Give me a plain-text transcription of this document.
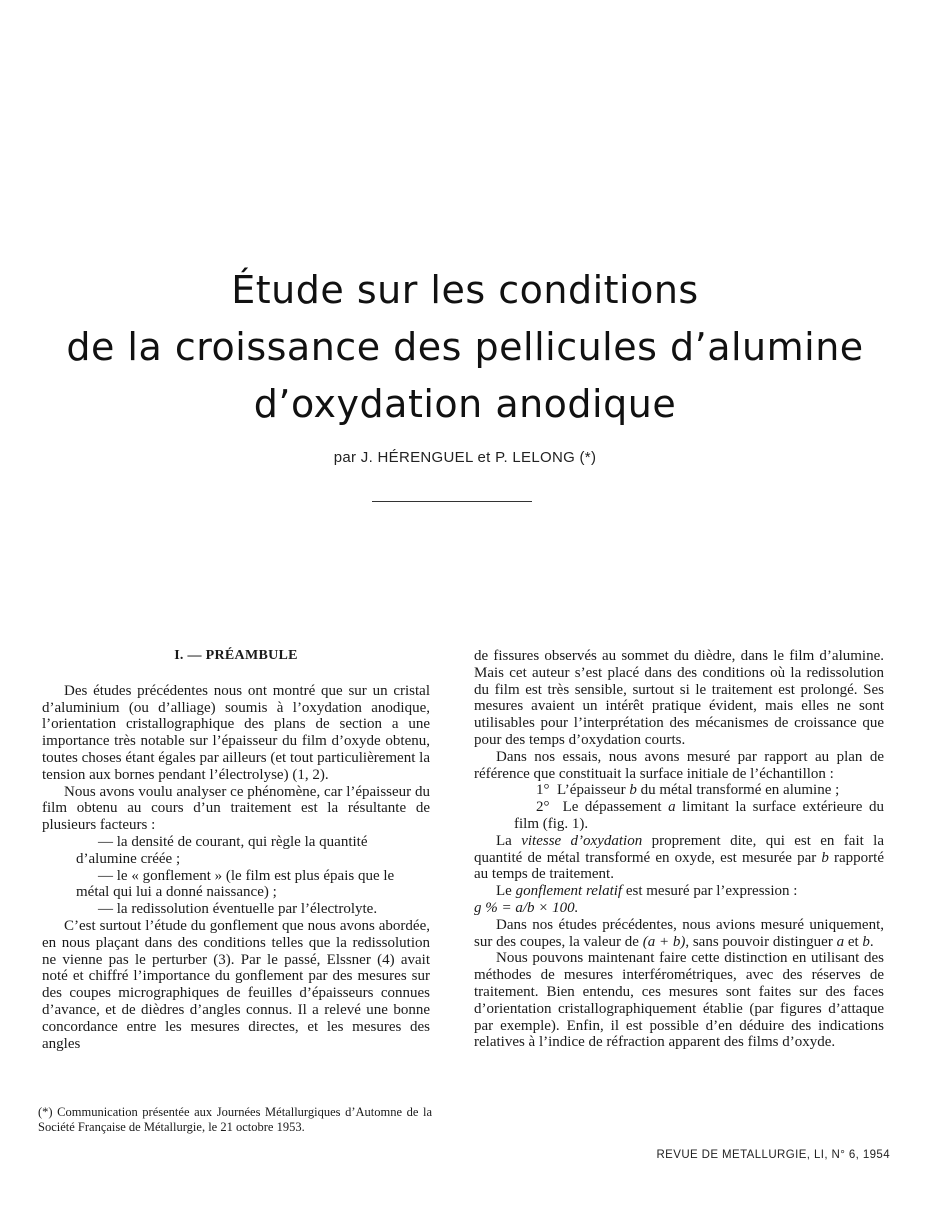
Étude sur les conditions
de la croissance des pellicules d’alumine
d’oxydation anodique
par J. HÉRENGUEL et P. LELONG (*)
I. — PRÉAMBULE

Des études précédentes nous ont montré que sur un cristal d’aluminium (ou d’alliage) soumis à l’oxydation anodique, l’orientation cristallographique des plans de section a une importance très notable sur l’épaisseur du film d’oxyde obtenu, toutes choses étant égales par ailleurs (et tout particulièrement la tension aux bornes pendant l’électrolyse) (1, 2).

Nous avons voulu analyser ce phénomène, car l’épaisseur du film obtenu au cours d’un traitement est la résultante de plusieurs facteurs :

— la densité de courant, qui règle la quantité d’alumine créée ;

— le « gonflement » (le film est plus épais que le métal qui lui a donné naissance) ;

— la redissolution éventuelle par l’électrolyte.

C’est surtout l’étude du gonflement que nous avons abordée, en nous plaçant dans des conditions telles que la redissolution ne vienne pas le perturber (3). Par le passé, Elssner (4) avait noté et chiffré l’importance du gonflement par des mesures sur des coupes micrographiques de feuilles d’épaisseurs connues d’avance, et de dièdres d’angles connus. Il a relevé une bonne concordance entre les mesures directes, et les mesures des angles

(*) Communication présentée aux Journées Métallurgiques d’Automne de la Société Française de Métallurgie, le 21 octobre 1953.

de fissures observés au sommet du dièdre, dans le film d’alumine. Mais cet auteur s’est placé dans des conditions où la redissolution du film est très sensible, surtout si le traitement est prolongé. Ses mesures avaient un intérêt pratique évident, mais elles ne sont utilisables pour l’interprétation des mécanismes de croissance que pour des temps d’oxydation courts.

Dans nos essais, nous avons mesuré par rapport au plan de référence que constituait la surface initiale de l’échantillon :

1° L’épaisseur b du métal transformé en alumine ;

2° Le dépassement a limitant la surface extérieure du film (fig. 1).

La vitesse d’oxydation proprement dite, qui est en fait la quantité de métal transformé en oxyde, est mesurée par b rapporté au temps de traitement.

Le gonflement relatif est mesuré par l’expression :

g % = a/b × 100.

Dans nos études précédentes, nous avions mesuré uniquement, sur des coupes, la valeur de (a + b), sans pouvoir distinguer a et b.

Nous pouvons maintenant faire cette distinction en utilisant des méthodes de mesures interférométriques, avec des réserves de traitement. Bien entendu, ces mesures sont faites sur des faces d’orientation cristallographiquement établie (par figures d’attaque par exemple). Enfin, il est possible d’en déduire des indications relatives à l’indice de réfraction apparent des films d’oxyde.

REVUE DE METALLURGIE, LI, N° 6, 1954
